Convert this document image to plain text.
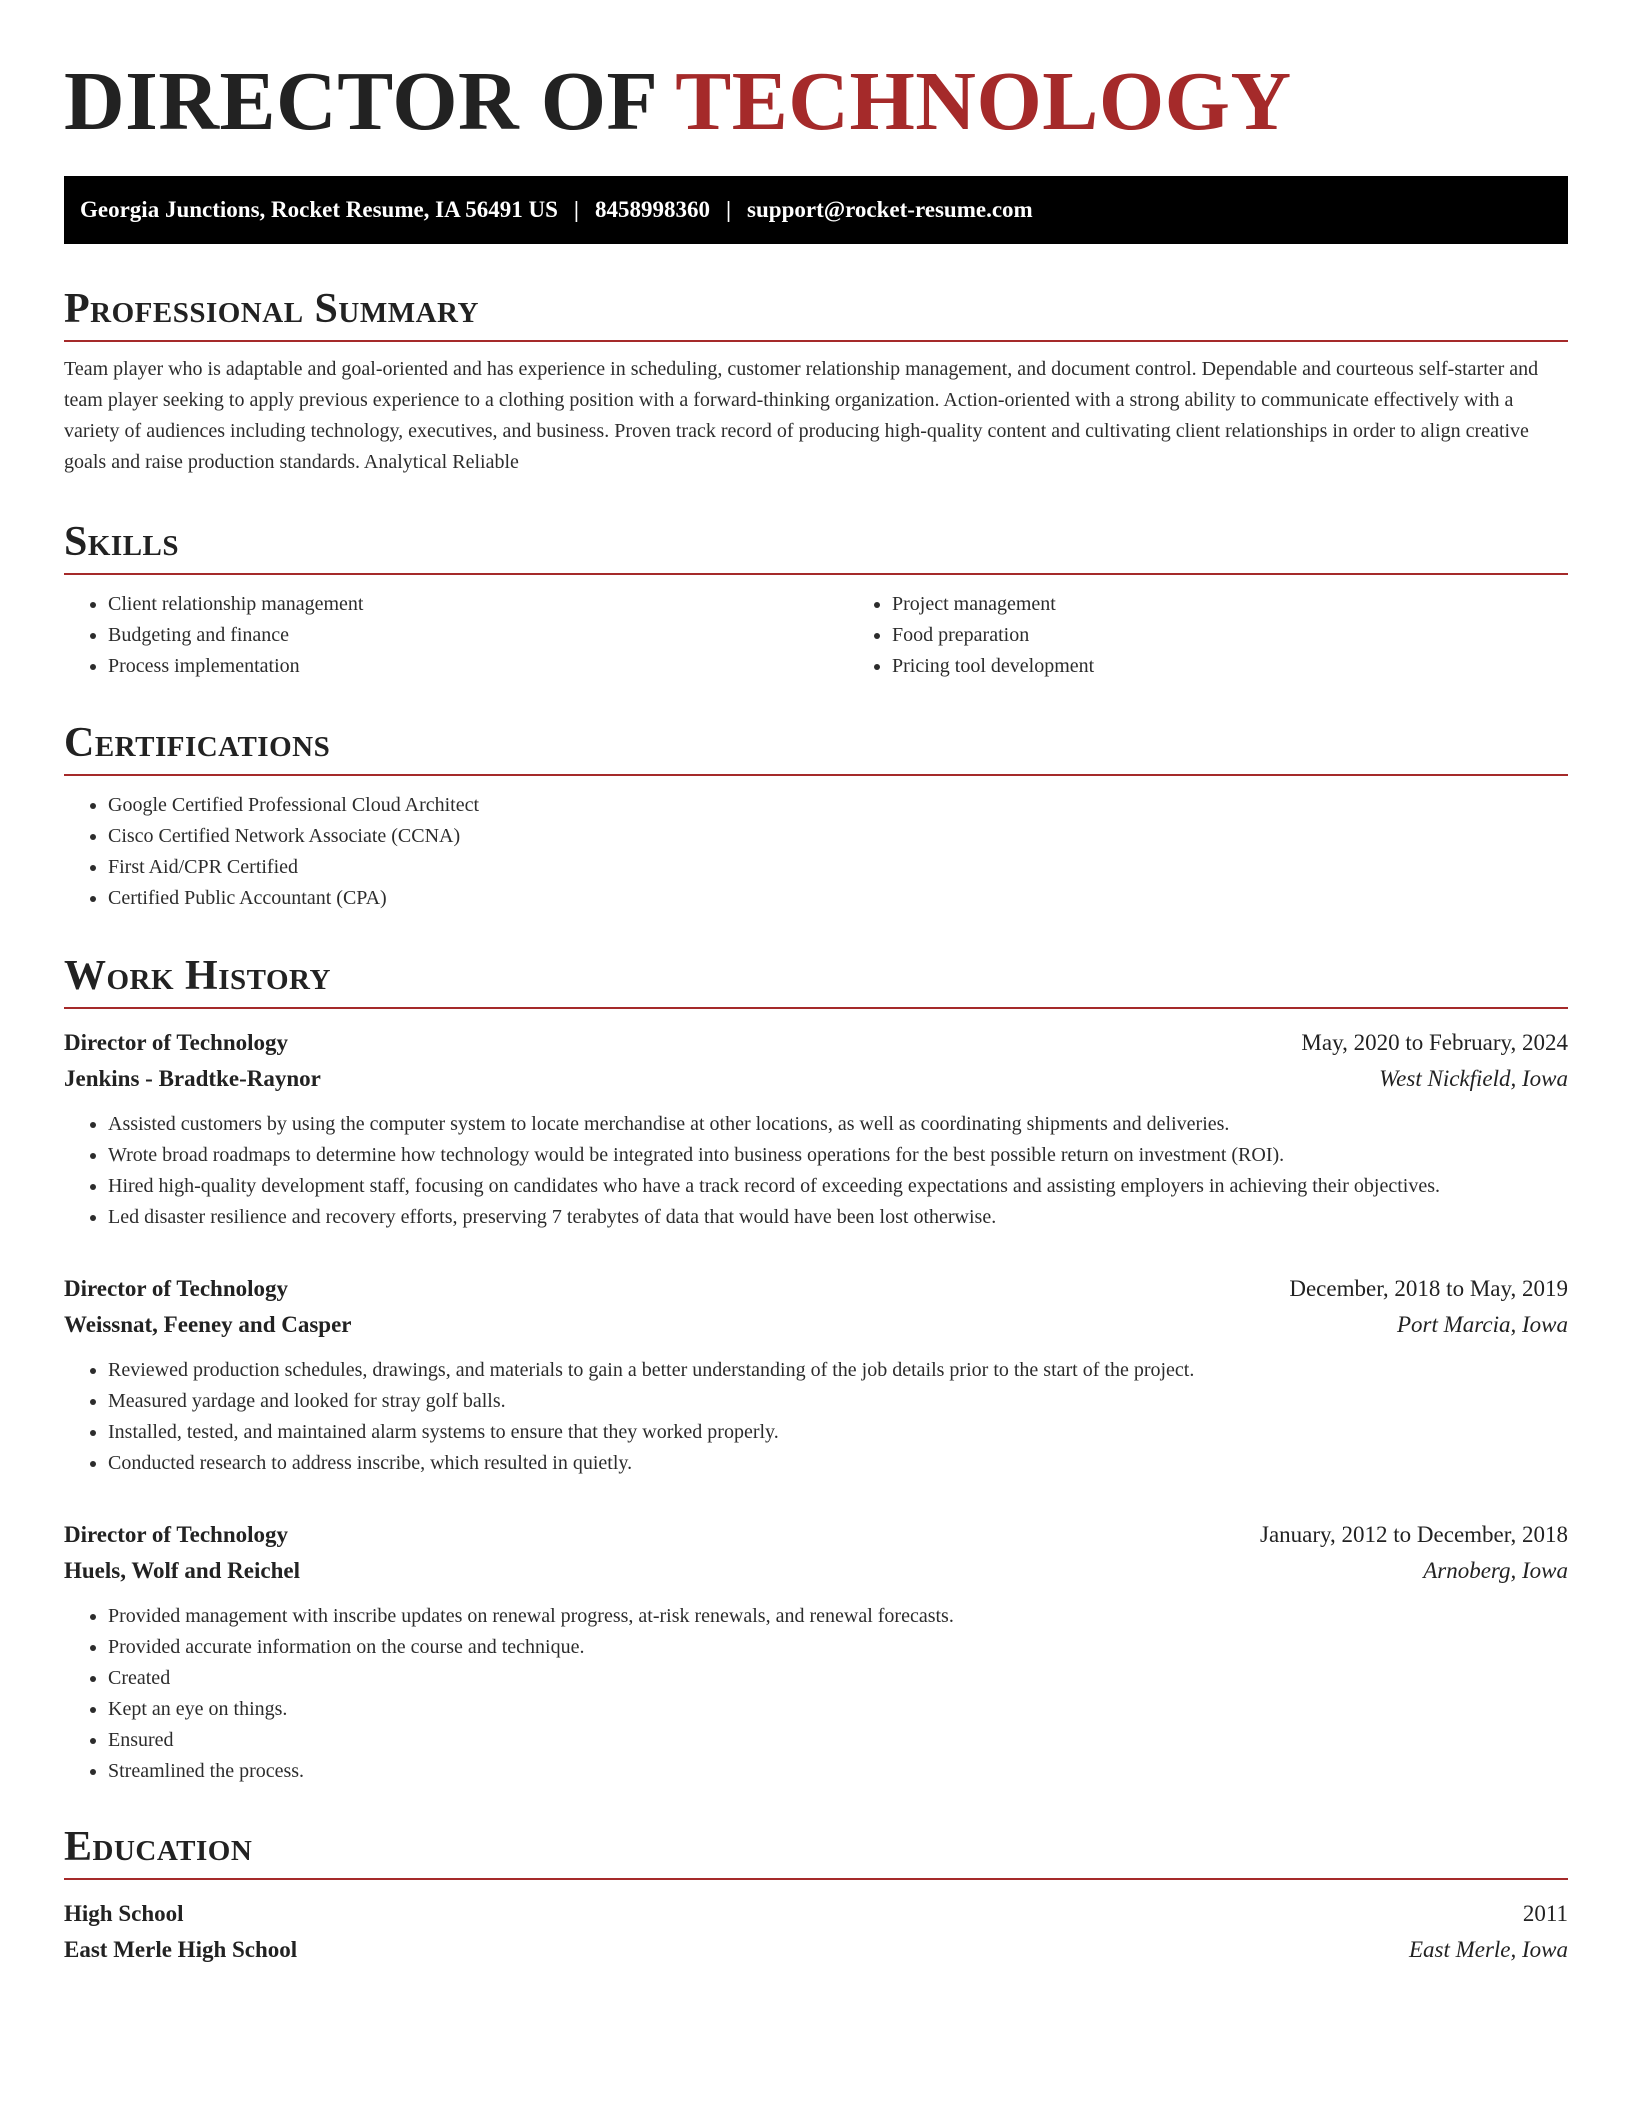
DIRECTOR OF TECHNOLOGY
Georgia Junctions, Rocket Resume, IA 56491 US | 8458998360 | support@rocket-resume.com
Professional Summary

Team player who is adaptable and goal-oriented and has experience in scheduling, customer relationship management, and document control. Dependable and courteous self-starter and team player seeking to apply previous experience to a clothing position with a forward-thinking organization. Action-oriented with a strong ability to communicate effectively with a variety of audiences including technology, executives, and business. Proven track record of producing high-quality content and cultivating client relationships in order to align creative goals and raise production standards. Analytical Reliable

Skills
• Client relationship management
• Budgeting and finance
• Process implementation
• Project management
• Food preparation
• Pricing tool development
Certifications
• Google Certified Professional Cloud Architect
• Cisco Certified Network Associate (CCNA)
• First Aid/CPR Certified
• Certified Public Accountant (CPA)
Work History
Director of Technology	May, 2020 to February, 2024
Jenkins - Bradtke-Raynor	West Nickfield, Iowa
• Assisted customers by using the computer system to locate merchandise at other locations, as well as coordinating shipments and deliveries.
• Wrote broad roadmaps to determine how technology would be integrated into business operations for the best possible return on investment (ROI).
• Hired high-quality development staff, focusing on candidates who have a track record of exceeding expectations and assisting employers in achieving their objectives.
• Led disaster resilience and recovery efforts, preserving 7 terabytes of data that would have been lost otherwise.
Director of Technology	December, 2018 to May, 2019
Weissnat, Feeney and Casper	Port Marcia, Iowa
• Reviewed production schedules, drawings, and materials to gain a better understanding of the job details prior to the start of the project.
• Measured yardage and looked for stray golf balls.
• Installed, tested, and maintained alarm systems to ensure that they worked properly.
• Conducted research to address inscribe, which resulted in quietly.
Director of Technology	January, 2012 to December, 2018
Huels, Wolf and Reichel	Arnoberg, Iowa
• Provided management with inscribe updates on renewal progress, at-risk renewals, and renewal forecasts.
• Provided accurate information on the course and technique.
• Created
• Kept an eye on things.
• Ensured
• Streamlined the process.
Education
High School	2011
East Merle High School	East Merle, Iowa
